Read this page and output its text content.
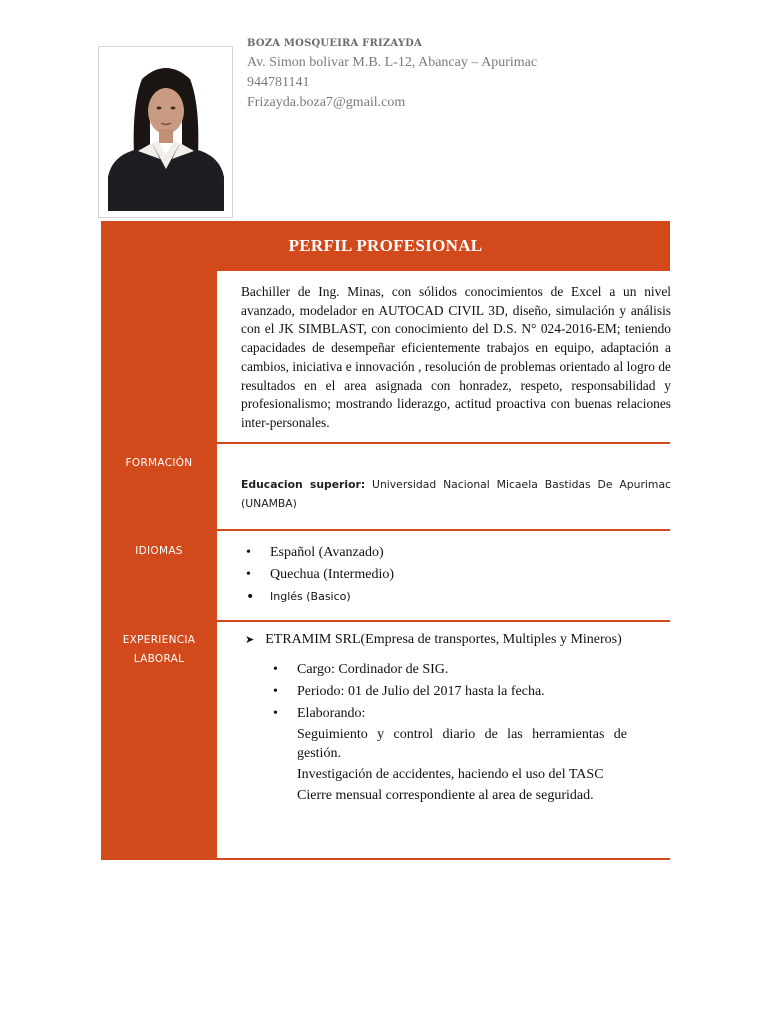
BOZA MOSQUEIRA FRIZAYDA
Av. Simon bolivar M.B. L-12, Abancay – Apurimac
944781141
Frizayda.boza7@gmail.com
PERFIL PROFESIONAL
Bachiller de Ing. Minas, con sólidos conocimientos de Excel a un nivel avanzado, modelador en AUTOCAD CIVIL 3D, diseño, simulación y análisis con el JK SIMBLAST, con conocimiento del D.S. N° 024-2016-EM; teniendo capacidades de desempeñar eficientemente trabajos en equipo, adaptación a cambios, iniciativa e innovación , resolución de problemas orientado al logro de resultados en el area asignada con honradez, respeto, responsabilidad y profesionalismo; mostrando liderazgo, actitud proactiva con buenas relaciones inter-personales.
FORMACIÓN
Educacion superior: Universidad Nacional Micaela Bastidas De Apurimac (UNAMBA)
IDIOMAS
•	Español (Avanzado)
• Quechua (Intermedio)
• Inglés (Basico)
EXPERIENCIA
LABORAL
➤ ETRAMIM SRL(Empresa de transportes, Multiples y Mineros)
• Cargo: Cordinador de SIG.
• Periodo: 01 de Julio del 2017 hasta la fecha.
• Elaborando:

Seguimiento y control diario de las herramientas de gestión.

Investigación de accidentes, haciendo el uso del TASC

Cierre mensual correspondiente al area de seguridad.
